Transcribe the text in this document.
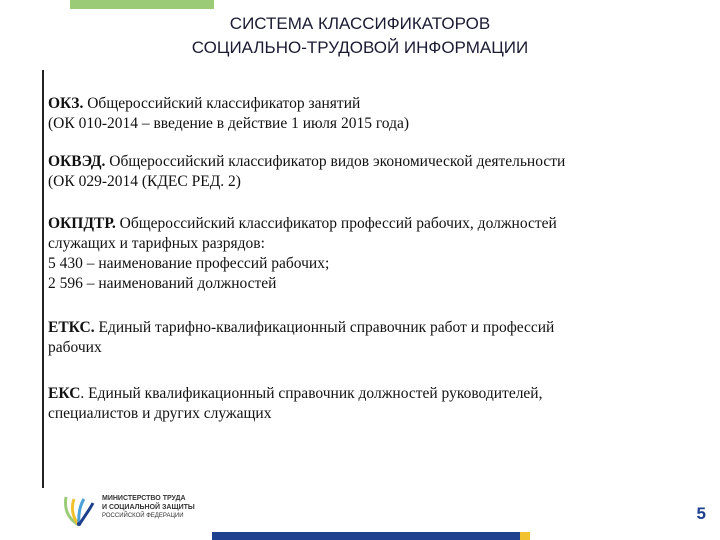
СИСТЕМА КЛАССИФИКАТОРОВ
СОЦИАЛЬНО-ТРУДОВОЙ ИНФОРМАЦИИ

ОКЗ. Общероссийский классификатор занятий

(ОК 010-2014 – введение в действие 1 июля 2015 года)

ОКВЭД. Общероссийский классификатор видов экономической деятельности

(ОК 029-2014 (КДЕС РЕД. 2)

ОКПДТР. Общероссийский классификатор профессий рабочих, должностей

служащих и тарифных разрядов:

5 430 – наименование профессий рабочих;

2 596 – наименований должностей

ЕТКС. Единый тарифно-квалификационный справочник работ и профессий

рабочих

ЕКС. Единый квалификационный справочник должностей руководителей,

специалистов и других служащих

МИНИСТЕРСТВО ТРУДА
И СОЦИАЛЬНОЙ ЗАЩИТЫ
РОССИЙСКОЙ ФЕДЕРАЦИИ	5
